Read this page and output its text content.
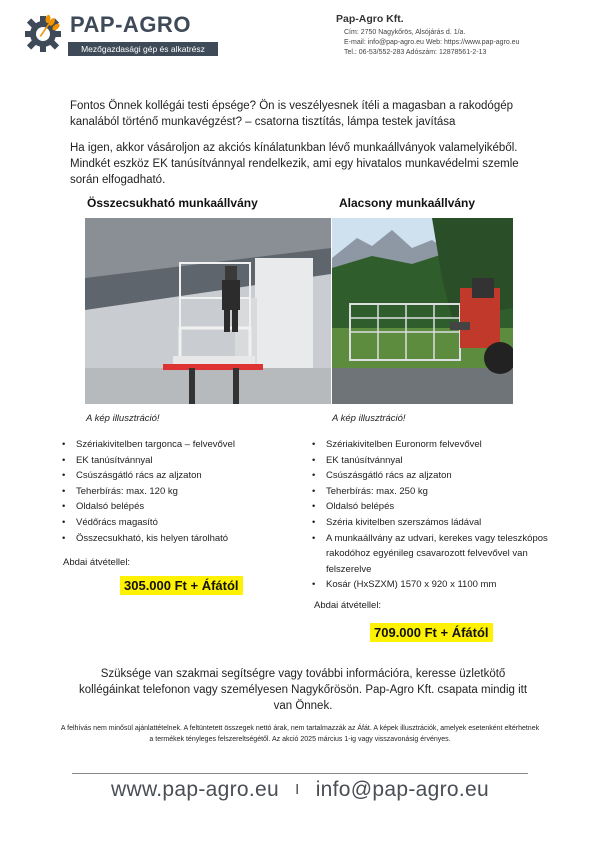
PAP-AGRO
Mezőgazdasági gép és alkatrész
Pap-Agro Kft.
Cím: 2750 Nagykőrös, Alsójárás d. 1/a.
E-mail: info@pap-agro.eu Web: https://www.pap-agro.eu
Tel.: 06-53/552-283 Adószám: 12878561-2-13
Fontos Önnek kollégái testi épsége? Ön is veszélyesnek ítéli a magasban a rakodógép kanalából történő munkavégzést? – csatorna tisztítás, lámpa testek javítása
Ha igen, akkor vásároljon az akciós kínálatunkban lévő munkaállványok valamelyikéből. Mindkét eszköz EK tanúsítvánnyal rendelkezik, ami egy hivatalos munkavédelmi szemle során elfogadható.
Összecsukható munkaállvány
A kép illusztráció!
• Szériakivitelben targonca – felvevővel
• EK tanúsítvánnyal
• Csúszásgátló rács az aljzaton
• Teherbírás: max. 120 kg
• Oldalsó belépés
• Védőrács magasító
• Összecsukható, kis helyen tárolható
Abdai átvétellel:
305.000 Ft + Áfától
Alacsony munkaállvány
A kép illusztráció!
• Szériakivitelben Euronorm felvevővel
• EK tanúsítvánnyal
• Csúszásgátló rács az aljzaton
• Teherbírás: max. 250 kg
• Oldalsó belépés
• Széria kivitelben szerszámos ládával
• A munkaállvány az udvari, kerekes vagy teleszkópos rakodóhoz egyénileg csavarozott felvevővel van felszerelve
• Kosár (HxSZXM) 1570 x 920 x 1100 mm
Abdai átvétellel:
709.000 Ft + Áfától
Szüksége van szakmai segítségre vagy további információra, keresse üzletkötő kollégáinkat telefonon vagy személyesen Nagykőrösön. Pap-Agro Kft. csapata mindig itt van Önnek.
A felhívás nem minősül ajánlattételnek. A feltüntetett összegek nettó árak, nem tartalmazzák az Áfát. A képek illusztrációk, amelyek esetenként eltérhetnek a termékek tényleges felszereltségétől. Az akció 2025 március 1-ig vagy visszavonásig érvényes.
www.pap-agro.eu I info@pap-agro.eu
